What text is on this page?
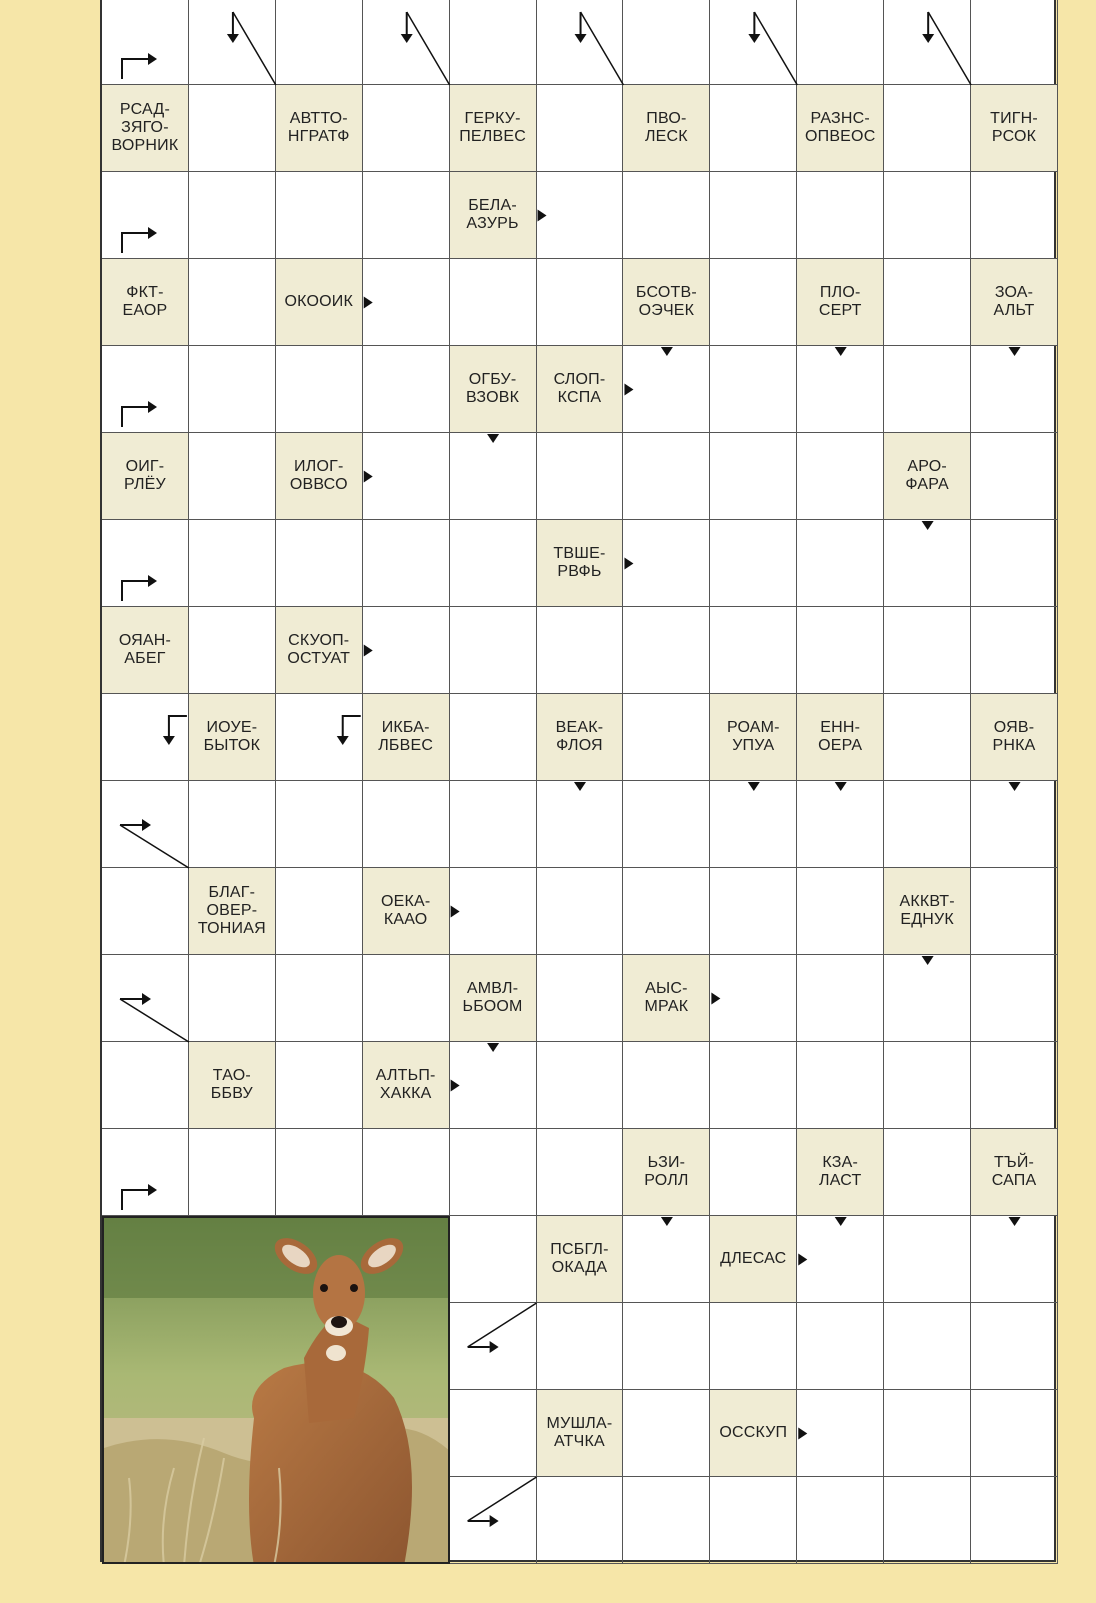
РСАД-
ЗЯГО-
ВОРНИК
АВТТО-
НГРАТФ
ГЕРКУ-
ПЕЛВЕС
ПВО-
ЛЕСК
РАЗНС-
ОПВЕОС
ТИГН-
РСОК
БЕЛА-
АЗУРЬ
ФКТ-
ЕАОР
ОКООИК
БСОТВ-
ОЭЧЕК
ПЛО-
СЕРТ
ЗОА-
АЛЬТ
ОГБУ-
ВЗОВК
СЛОП-
КСПА
ОИГ-
РЛЁУ
ИЛОГ-
ОВВСО
АРО-
ФАРА
ТВШЕ-
РВФЬ
ОЯАН-
АБЕГ
СКУОП-
ОСТУАТ
ИОУЕ-
БЫТОК
ИКБА-
ЛБВЕС
ВЕАК-
ФЛОЯ
РОАМ-
УПУА
ЕНН-
ОЕРА
ОЯВ-
РНКА
БЛАГ-
ОВЕР-
ТОНИАЯ
ОЕКА-
КААО
АККВТ-
ЕДНУК
АМВЛ-
ЬБООМ
АЫС-
МРАК
ТАО-
ББВУ
АЛТЬП-
ХАККА
ЬЗИ-
РОЛЛ
КЗА-
ЛАСТ
ТЪЙ-
САПА
ПСБГЛ-
ОКАДА
ДЛЕСАС
МУШЛА-
АТЧКА
ОССКУП
